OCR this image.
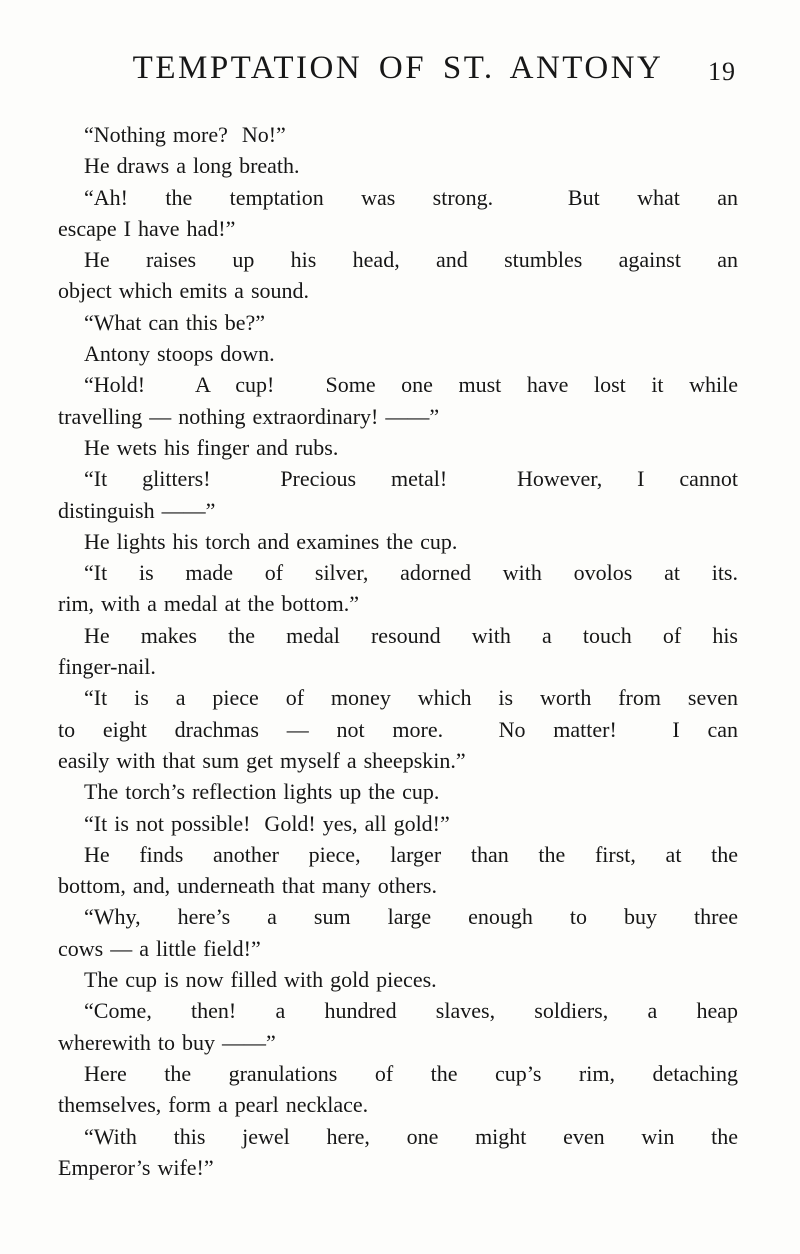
TEMPTATION OF ST. ANTONY	19
“Nothing more?  No!”
He draws a long breath.
“Ah! the temptation was strong.  But what an
escape I have had!”
He raises up his head, and stumbles against an
object which emits a sound.
“What can this be?”
Antony stoops down.
“Hold!  A cup!  Some one must have lost it while
travelling — nothing extraordinary! ——”
He wets his finger and rubs.
“It glitters!  Precious metal!  However, I cannot
distinguish ——”
He lights his torch and examines the cup.
“It is made of silver, adorned with ovolos at its.
rim, with a medal at the bottom.”
He makes the medal resound with a touch of his
finger-nail.
“It is a piece of money which is worth from seven
to eight drachmas — not more.  No matter!  I can
easily with that sum get myself a sheepskin.”
The torch’s reflection lights up the cup.
“It is not possible!  Gold! yes, all gold!”
He finds another piece, larger than the first, at the
bottom, and, underneath that many others.
“Why, here’s a sum large enough to buy three
cows — a little field!”
The cup is now filled with gold pieces.
“Come, then! a hundred slaves, soldiers, a heap
wherewith to buy ——”
Here the granulations of the cup’s rim, detaching
themselves, form a pearl necklace.
“With this jewel here, one might even win the
Emperor’s wife!”
